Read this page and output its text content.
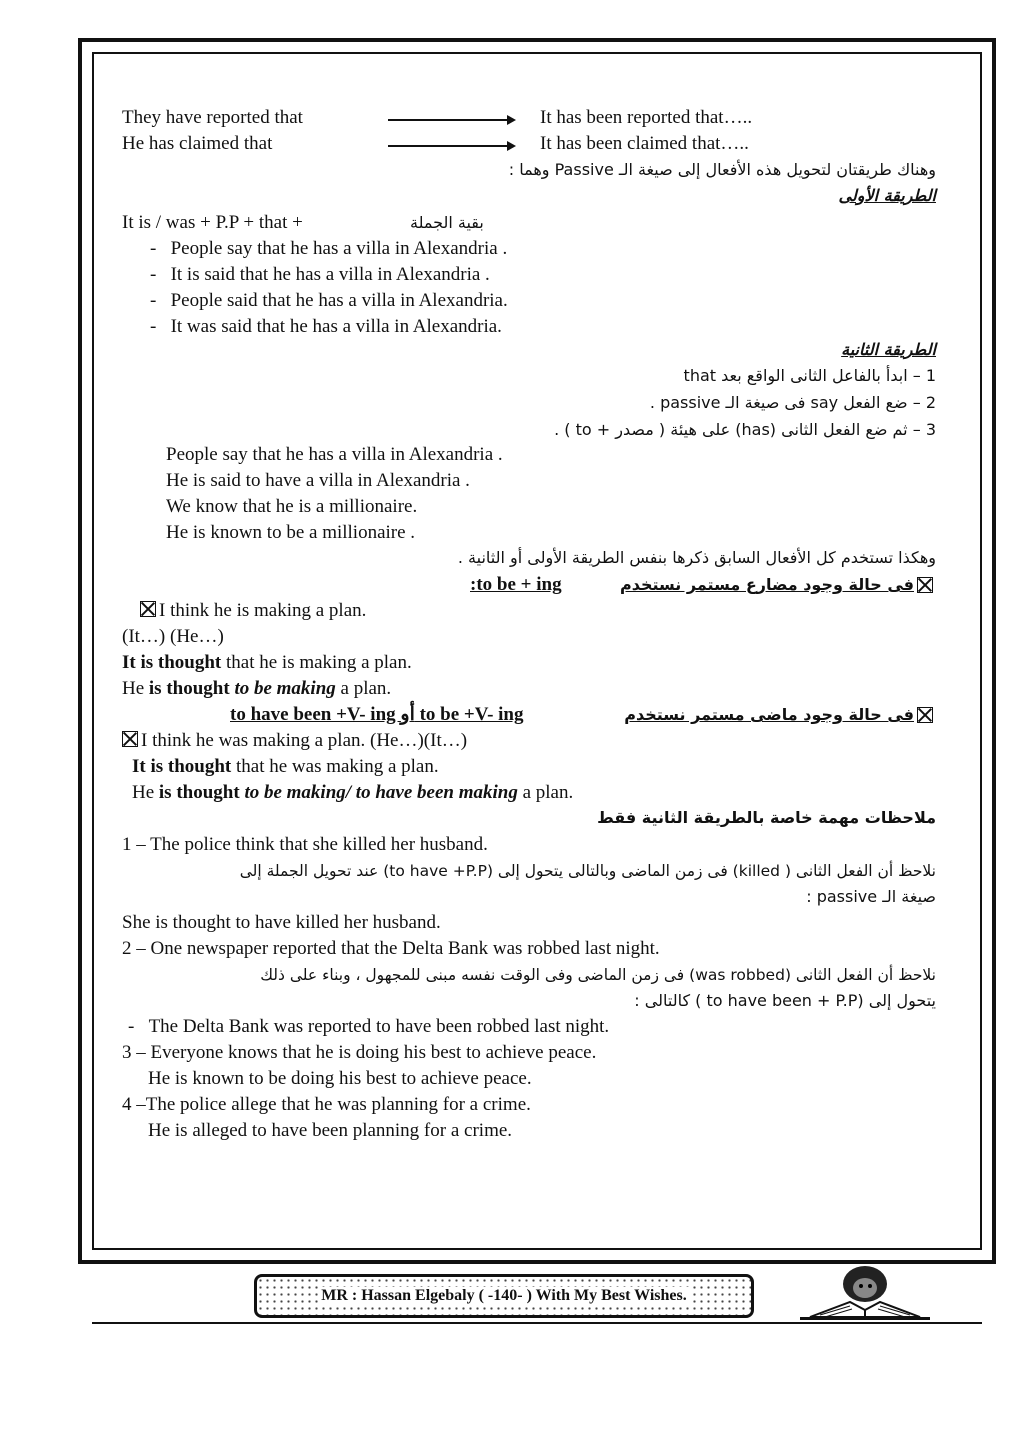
They have reported that	It has been reported that…..
He has claimed that	It has been claimed that…..
وهناك طريقتان لتحويل هذه الأفعال إلى صيغة الـ Passive وهما :
الطريقة الأولى
It is / was + P.P + that +	بقية الجملة
-   People say that he has a villa in Alexandria .
-   It is said that he has a villa in Alexandria .
-   People said that he has a villa in Alexandria.
-   It was said that he has a villa in Alexandria.
الطريقة الثانية
1 – ابدأ بالفاعل الثانى الواقع بعد that
2 – ضع الفعل say فى صيغة الـ passive .
3 – ثم ضع الفعل الثانى (has) على هيئة ( مصدر + to ) .
People say that he has a villa in Alexandria .
He is said to have a villa in Alexandria .
We know that he is a millionaire.
He is known to be a millionaire .
وهكذا تستخدم كل الأفعال السابق ذكرها بنفس الطريقة الأولى أو الثانية .
فى حالة وجود مضارع مستمر نستخدم
:to be + ing
I think he is making a plan.
(It…) (He…)
It is thought that he is making a plan.
He is thought to be making a plan.
فى حالة وجود ماضى مستمر نستخدم
to have been +V- ing أو to be +V- ing
I think he was making a plan. (He…)(It…)
It is thought that he was making a plan.
He is thought to be making/ to have been making a plan.
ملاحظات مهمة خاصة بالطريقة الثانية فقط
1 – The police think that she killed her husband.
نلاحظ أن الفعل الثانى ( killed) فى زمن الماضى وبالتالى يتحول إلى (to have +P.P) عند تحويل الجملة إلى
صيغة الـ passive :
She is thought to have killed her husband.
2 – One newspaper reported that the Delta Bank was robbed last night.
نلاحظ أن الفعل الثانى (was robbed) فى زمن الماضى وفى الوقت نفسه مبنى للمجهول ، وبناء على ذلك
يتحول إلى (to have been + P.P ) كالتالى :
-   The Delta Bank was reported to have been robbed last night.
3 – Everyone knows that he is doing his best to achieve peace.
He is known to be doing his best to achieve peace.
4 –The police allege that he was planning for a crime.
He is alleged to have been planning for a crime.
MR : Hassan Elgebaly ( -140- ) With My Best Wishes.
